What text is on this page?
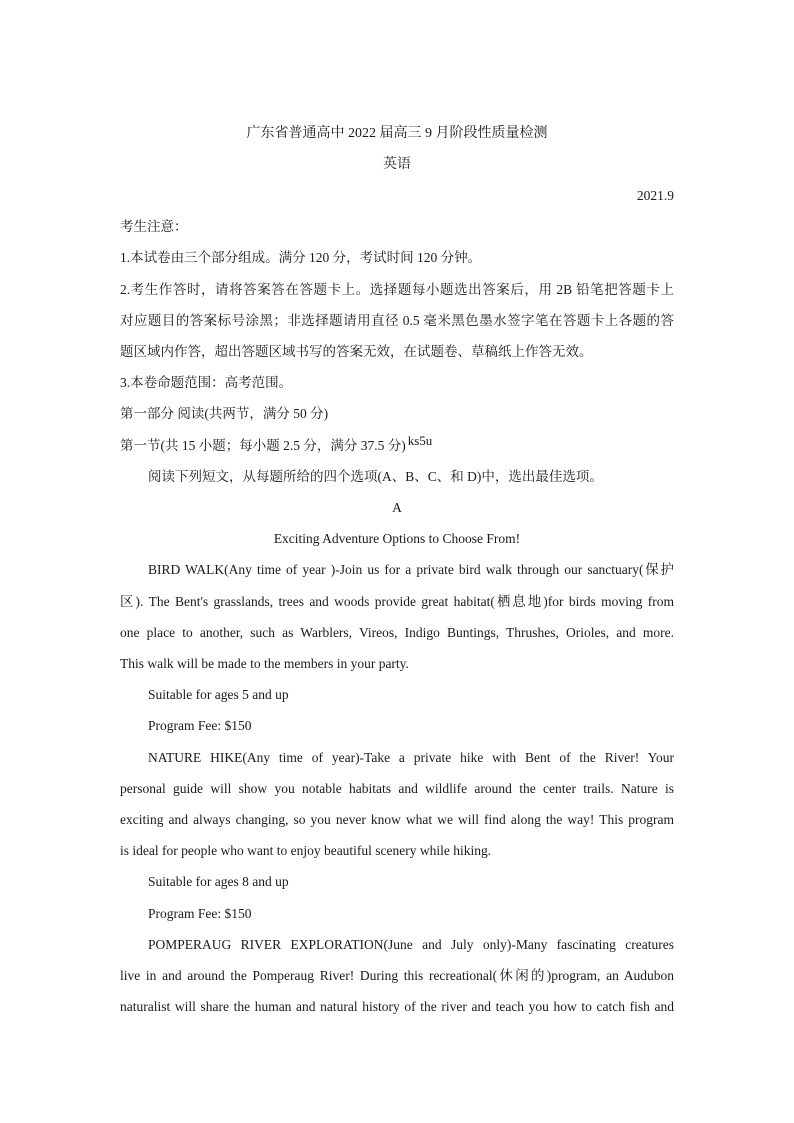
广东省普通高中 2022 届高三 9 月阶段性质量检测
英语
2021.9
考生注意：
1.本试卷由三个部分组成。满分 120 分，考试时间 120 分钟。
2.考生作答时，请将答案答在答题卡上。选择题每小题选出答案后，用 2B 铅笔把答题卡上
对应题目的答案标号涂黑；非选择题请用直径 0.5 毫米黑色墨水签字笔在答题卡上各题的答
题区域内作答，超出答题区域书写的答案无效，在试题卷、草稿纸上作答无效。
3.本卷命题范围：高考范围。
第一部分 阅读(共两节，满分 50 分)
第一节(共 15 小题；每小题 2.5 分，满分 37.5 分) ks5u
阅读下列短文，从每题所给的四个选项(A、B、C、和 D)中，选出最佳选项。
A
Exciting Adventure Options to Choose From!
BIRD WALK(Any time of year )-Join us for a private bird walk through our sanctuary(保护
区). The Bent's grasslands, trees and woods provide great habitat(栖息地)for birds moving from
one place to another, such as Warblers, Vireos, Indigo Buntings, Thrushes, Orioles, and more.
This walk will be made to the members in your party.
Suitable for ages 5 and up
Program Fee: $150
NATURE HIKE(Any time of year)-Take a private hike with Bent of the River! Your
personal guide will show you notable habitats and wildlife around the center trails. Nature is
exciting and always changing, so you never know what we will find along the way! This program
is ideal for people who want to enjoy beautiful scenery while hiking.
Suitable for ages 8 and up
Program Fee: $150
POMPERAUG RIVER EXPLORATION(June and July only)-Many fascinating creatures
live in and around the Pomperaug River! During this recreational(休闲的)program, an Audubon
naturalist will share the human and natural history of the river and teach you how to catch fish and
